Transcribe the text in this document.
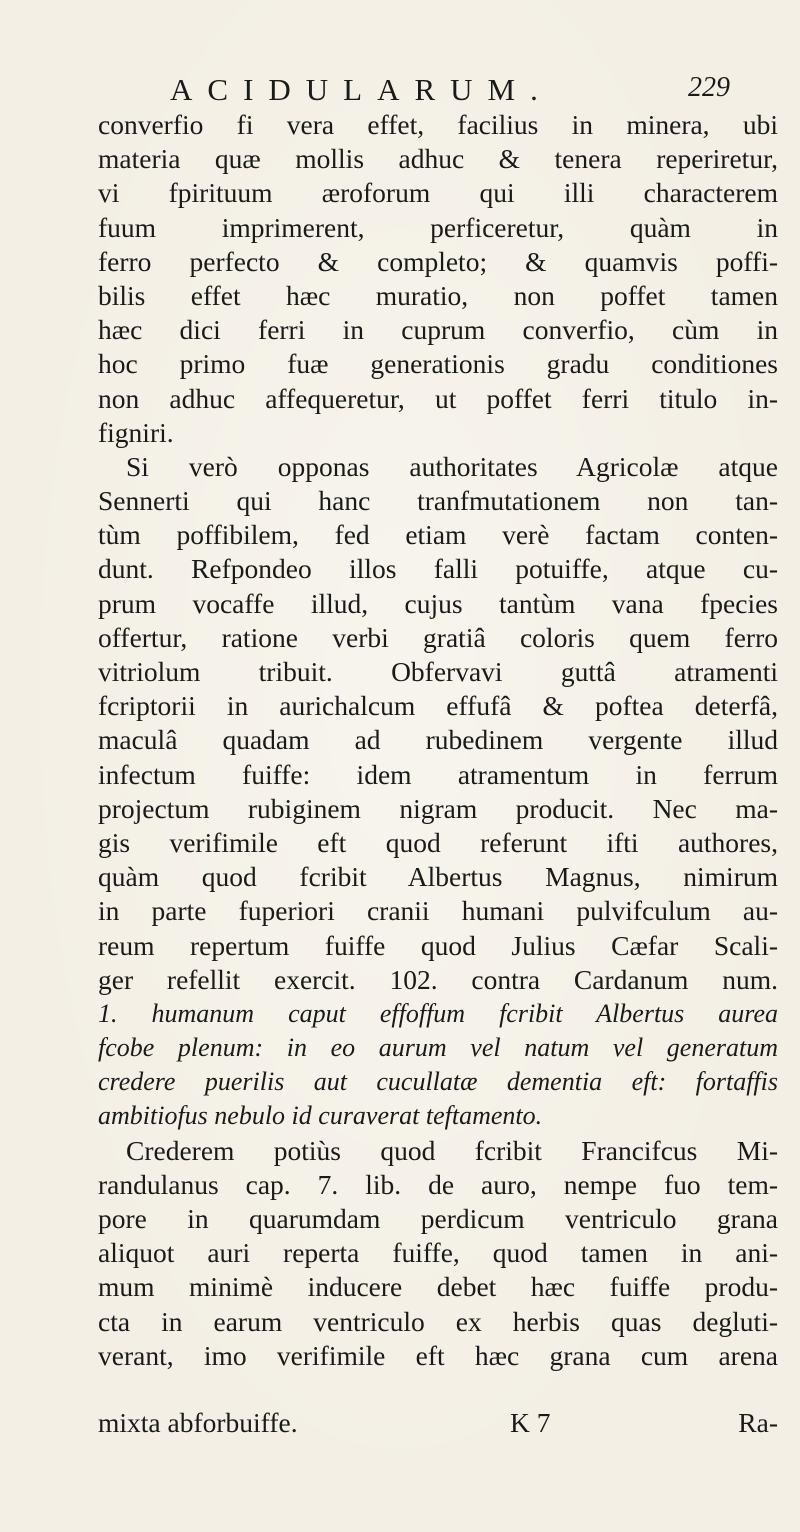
ACIDULARUM.	229
converfio fi vera effet, facilius in minera, ubi
materia quæ mollis adhuc & tenera reperiretur,
vi fpirituum æroforum qui illi characterem
fuum imprimerent, perficeretur, quàm in
ferro perfecto & completo; & quamvis poffi-
bilis effet hæc muratio, non poffet tamen
hæc dici ferri in cuprum converfio, cùm in
hoc primo fuæ generationis gradu conditiones
non adhuc affequeretur, ut poffet ferri titulo in-
figniri.
Si verò opponas authoritates Agricolæ atque
Sennerti qui hanc tranfmutationem non tan-
tùm poffibilem, fed etiam verè factam conten-
dunt. Refpondeo illos falli potuiffe, atque cu-
prum vocaffe illud, cujus tantùm vana fpecies
offertur, ratione verbi gratiâ coloris quem ferro
vitriolum tribuit. Obfervavi guttâ atramenti
fcriptorii in aurichalcum effufâ & poftea deterfâ,
maculâ quadam ad rubedinem vergente illud
infectum fuiffe: idem atramentum in ferrum
projectum rubiginem nigram producit. Nec ma-
gis verifimile eft quod referunt ifti authores,
quàm quod fcribit Albertus Magnus, nimirum
in parte fuperiori cranii humani pulvifculum au-
reum repertum fuiffe quod Julius Cæfar Scali-
ger refellit exercit. 102. contra Cardanum num.
1. humanum caput effoffum fcribit Albertus aurea
fcobe plenum: in eo aurum vel natum vel generatum
credere puerilis aut cucullatæ dementia eft: fortaffis
ambitiofus nebulo id curaverat teftamento.
Crederem potiùs quod fcribit Francifcus Mi-
randulanus cap. 7. lib. de auro, nempe fuo tem-
pore in quarumdam perdicum ventriculo grana
aliquot auri reperta fuiffe, quod tamen in ani-
mum minimè inducere debet hæc fuiffe produ-
cta in earum ventriculo ex herbis quas degluti-
verant, imo verifimile eft hæc grana cum arena
mixta abforbuiffe.	K 7	Ra-
